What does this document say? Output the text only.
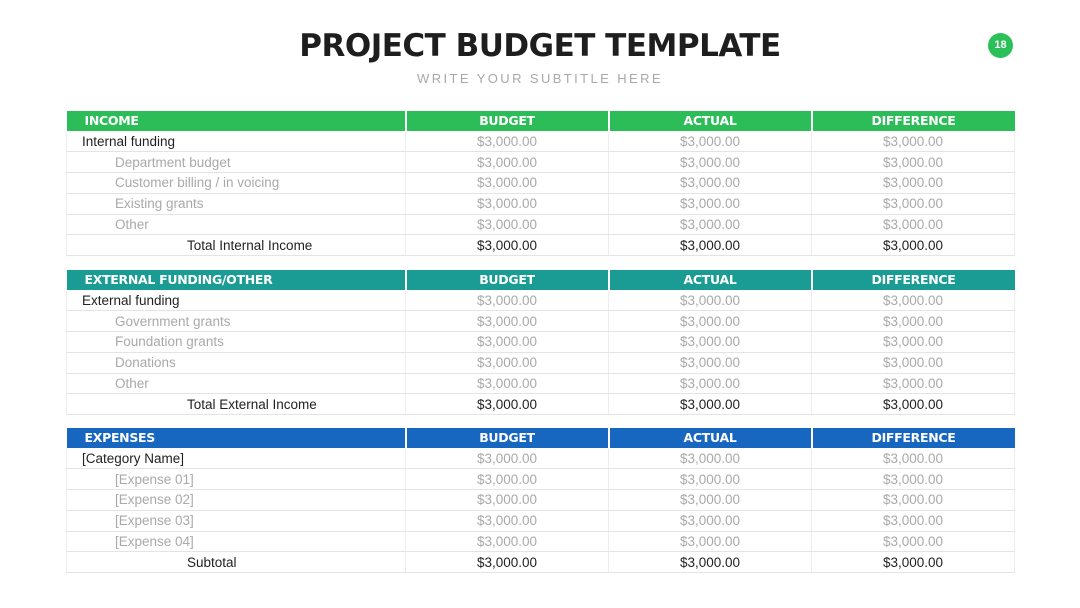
PROJECT BUDGET TEMPLATE
WRITE YOUR SUBTITLE HERE
18
INCOME	BUDGET	ACTUAL	DIFFERENCE
Internal funding	$3,000.00	$3,000.00	$3,000.00
Department budget	$3,000.00	$3,000.00	$3,000.00
Customer billing / in voicing	$3,000.00	$3,000.00	$3,000.00
Existing grants	$3,000.00	$3,000.00	$3,000.00
Other	$3,000.00	$3,000.00	$3,000.00
Total Internal Income	$3,000.00	$3,000.00	$3,000.00
EXTERNAL FUNDING/OTHER	BUDGET	ACTUAL	DIFFERENCE
External funding	$3,000.00	$3,000.00	$3,000.00
Government grants	$3,000.00	$3,000.00	$3,000.00
Foundation grants	$3,000.00	$3,000.00	$3,000.00
Donations	$3,000.00	$3,000.00	$3,000.00
Other	$3,000.00	$3,000.00	$3,000.00
Total External Income	$3,000.00	$3,000.00	$3,000.00
EXPENSES	BUDGET	ACTUAL	DIFFERENCE
[Category Name]	$3,000.00	$3,000.00	$3,000.00
[Expense 01]	$3,000.00	$3,000.00	$3,000.00
[Expense 02]	$3,000.00	$3,000.00	$3,000.00
[Expense 03]	$3,000.00	$3,000.00	$3,000.00
[Expense 04]	$3,000.00	$3,000.00	$3,000.00
Subtotal	$3,000.00	$3,000.00	$3,000.00
